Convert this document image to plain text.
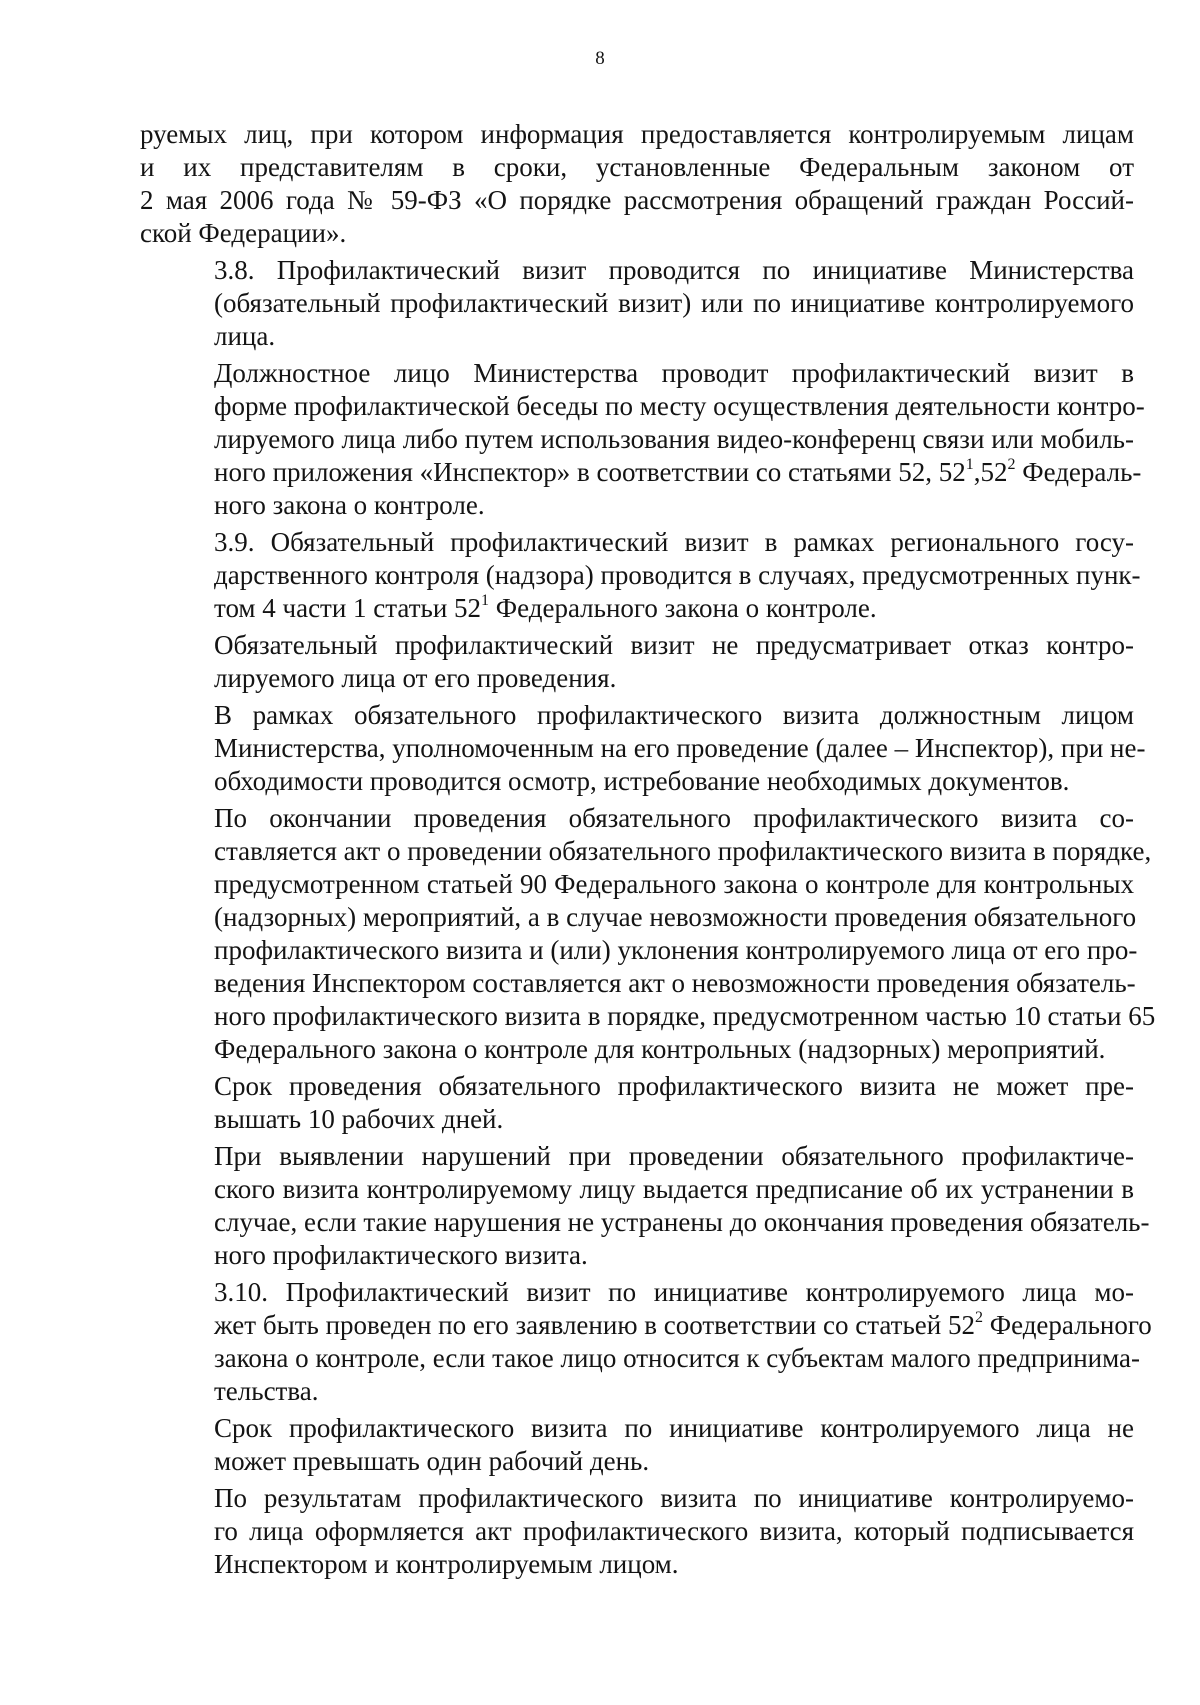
8

руемых лиц, при котором информация предоставляется контролируемым лицам
и их представителям в сроки, установленные Федеральным законом от
2 мая 2006 года № 59-ФЗ «О порядке рассмотрения обращений граждан Россий-
ской Федерации».

3.8. Профилактический визит проводится по инициативе Министерства
(обязательный профилактический визит) или по инициативе контролируемого
лица.

Должностное лицо Министерства проводит профилактический визит в
форме профилактической беседы по месту осуществления деятельности контро-
лируемого лица либо путем использования видео-конференц связи или мобиль-
ного приложения «Инспектор» в соответствии со статьями 52, $52^1,52^2$ Федераль-
ного закона о контроле.

3.9. Обязательный профилактический визит в рамках регионального госу-
дарственного контроля (надзора) проводится в случаях, предусмотренных пунк-
том 4 части 1 статьи $52^1$ Федерального закона о контроле.

Обязательный профилактический визит не предусматривает отказ контро-
лируемого лица от его проведения.

В рамках обязательного профилактического визита должностным лицом
Министерства, уполномоченным на его проведение (далее – Инспектор), при не-
обходимости проводится осмотр, истребование необходимых документов.

По окончании проведения обязательного профилактического визита со-
ставляется акт о проведении обязательного профилактического визита в порядке,
предусмотренном статьей 90 Федерального закона о контроле для контрольных
(надзорных) мероприятий, а в случае невозможности проведения обязательного
профилактического визита и (или) уклонения контролируемого лица от его про-
ведения Инспектором составляется акт о невозможности проведения обязатель-
ного профилактического визита в порядке, предусмотренном частью 10 статьи 65
Федерального закона о контроле для контрольных (надзорных) мероприятий.

Срок проведения обязательного профилактического визита не может пре-
вышать 10 рабочих дней.

При выявлении нарушений при проведении обязательного профилактиче-
ского визита контролируемому лицу выдается предписание об их устранении в
случае, если такие нарушения не устранены до окончания проведения обязатель-
ного профилактического визита.

3.10. Профилактический визит по инициативе контролируемого лица мо-
жет быть проведен по его заявлению в соответствии со статьей $52^2$ Федерального
закона о контроле, если такое лицо относится к субъектам малого предпринима-
тельства.

Срок профилактического визита по инициативе контролируемого лица не
может превышать один рабочий день.

По результатам профилактического визита по инициативе контролируемо-
го лица оформляется акт профилактического визита, который подписывается
Инспектором и контролируемым лицом.
